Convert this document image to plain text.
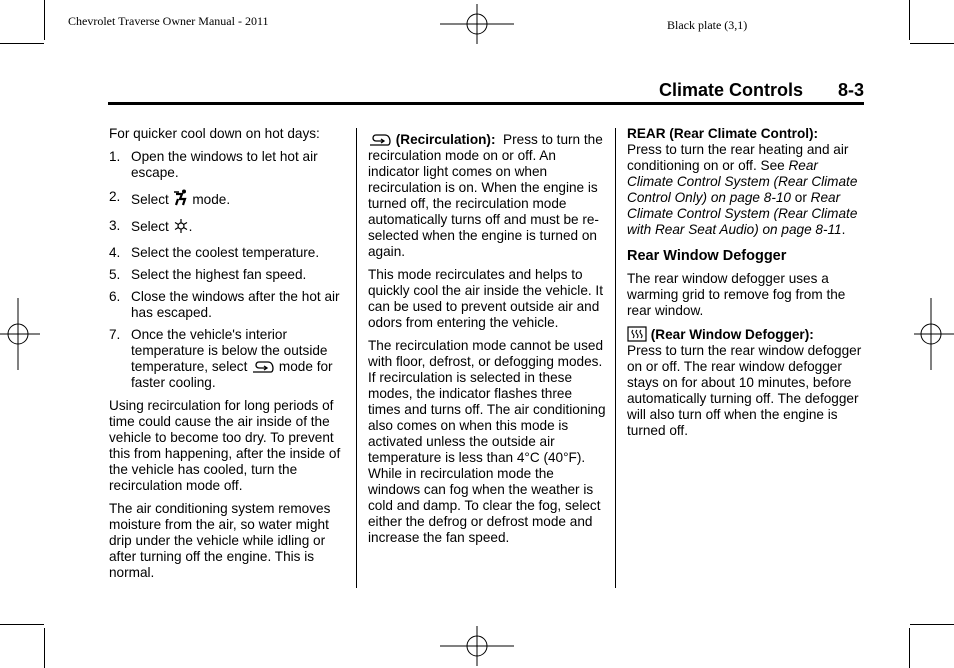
Chevrolet Traverse Owner Manual - 2011	Black plate (3,1)
Climate Controls 8-3

For quicker cool down on hot days:

1. Open the windows to let hot air escape.
2. Select mode.
3. Select .
4. Select the coolest temperature.
5. Select the highest fan speed.
6. Close the windows after the hot air has escaped.
7. Once the vehicle's interior temperature is below the outside temperature, select mode for faster cooling.

Using recirculation for long periods of time could cause the air inside of the vehicle to become too dry. To prevent this from happening, after the inside of the vehicle has cooled, turn the recirculation mode off.

The air conditioning system removes moisture from the air, so water might drip under the vehicle while idling or after turning off the engine. This is normal.

(Recirculation): Press to turn the recirculation mode on or off. An indicator light comes on when recirculation is on. When the engine is turned off, the recirculation mode automatically turns off and must be re-selected when the engine is turned on again.

This mode recirculates and helps to quickly cool the air inside the vehicle. It can be used to prevent outside air and odors from entering the vehicle.

The recirculation mode cannot be used with floor, defrost, or defogging modes. If recirculation is selected in these modes, the indicator flashes three times and turns off. The air conditioning also comes on when this mode is activated unless the outside air temperature is less than 4°C (40°F). While in recirculation mode the windows can fog when the weather is cold and damp. To clear the fog, select either the defrog or defrost mode and increase the fan speed.

REAR (Rear Climate Control):
Press to turn the rear heating and air conditioning on or off. See Rear Climate Control System (Rear Climate Control Only) on page 8-10 or Rear Climate Control System (Rear Climate with Rear Seat Audio) on page 8-11.

Rear Window Defogger

The rear window defogger uses a warming grid to remove fog from the rear window.

(Rear Window Defogger):
Press to turn the rear window defogger on or off. The rear window defogger stays on for about 10 minutes, before automatically turning off. The defogger will also turn off when the engine is turned off.
